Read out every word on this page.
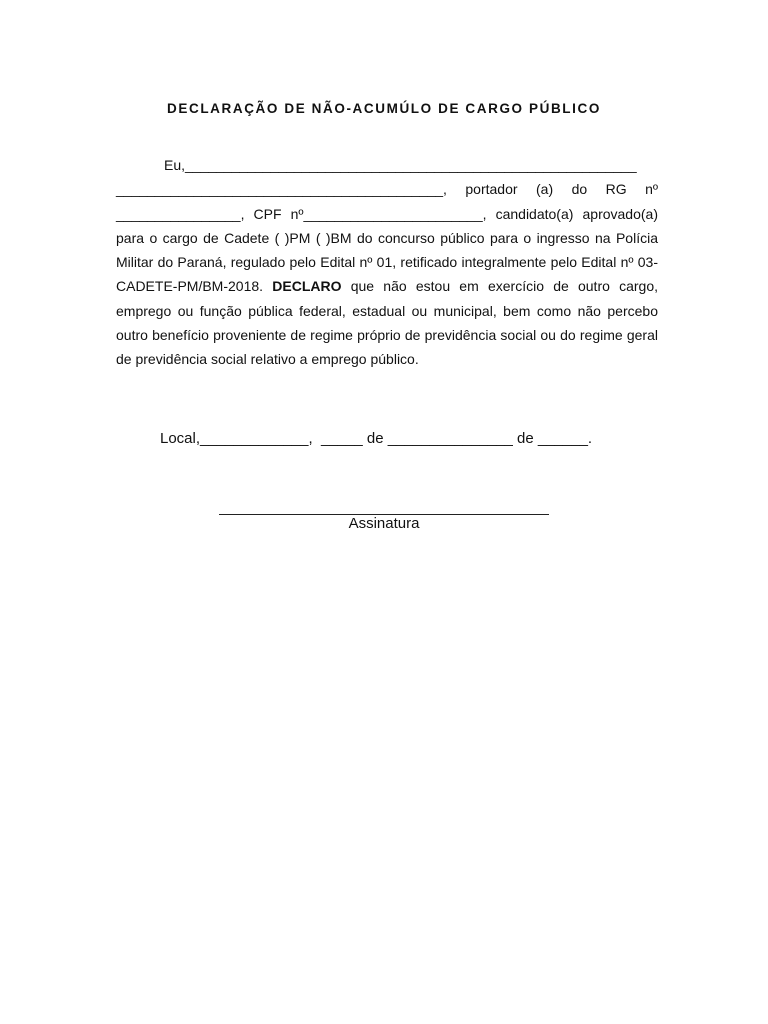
DECLARAÇÃO DE NÃO-ACUMÚLO DE CARGO PÚBLICO

Eu,__________________________________________________________ __________________________________________, portador (a) do RG nº ________________, CPF nº_______________________, candidato(a) aprovado(a) para o cargo de Cadete ( )PM ( )BM do concurso público para o ingresso na Polícia Militar do Paraná, regulado pelo Edital nº 01, retificado integralmente pelo Edital nº 03-CADETE-PM/BM-2018. DECLARO que não estou em exercício de outro cargo, emprego ou função pública federal, estadual ou municipal, bem como não percebo outro benefício proveniente de regime próprio de previdência social ou do regime geral de previdência social relativo a emprego público.

Local,_____________,  _____ de _______________ de ______.
Assinatura
